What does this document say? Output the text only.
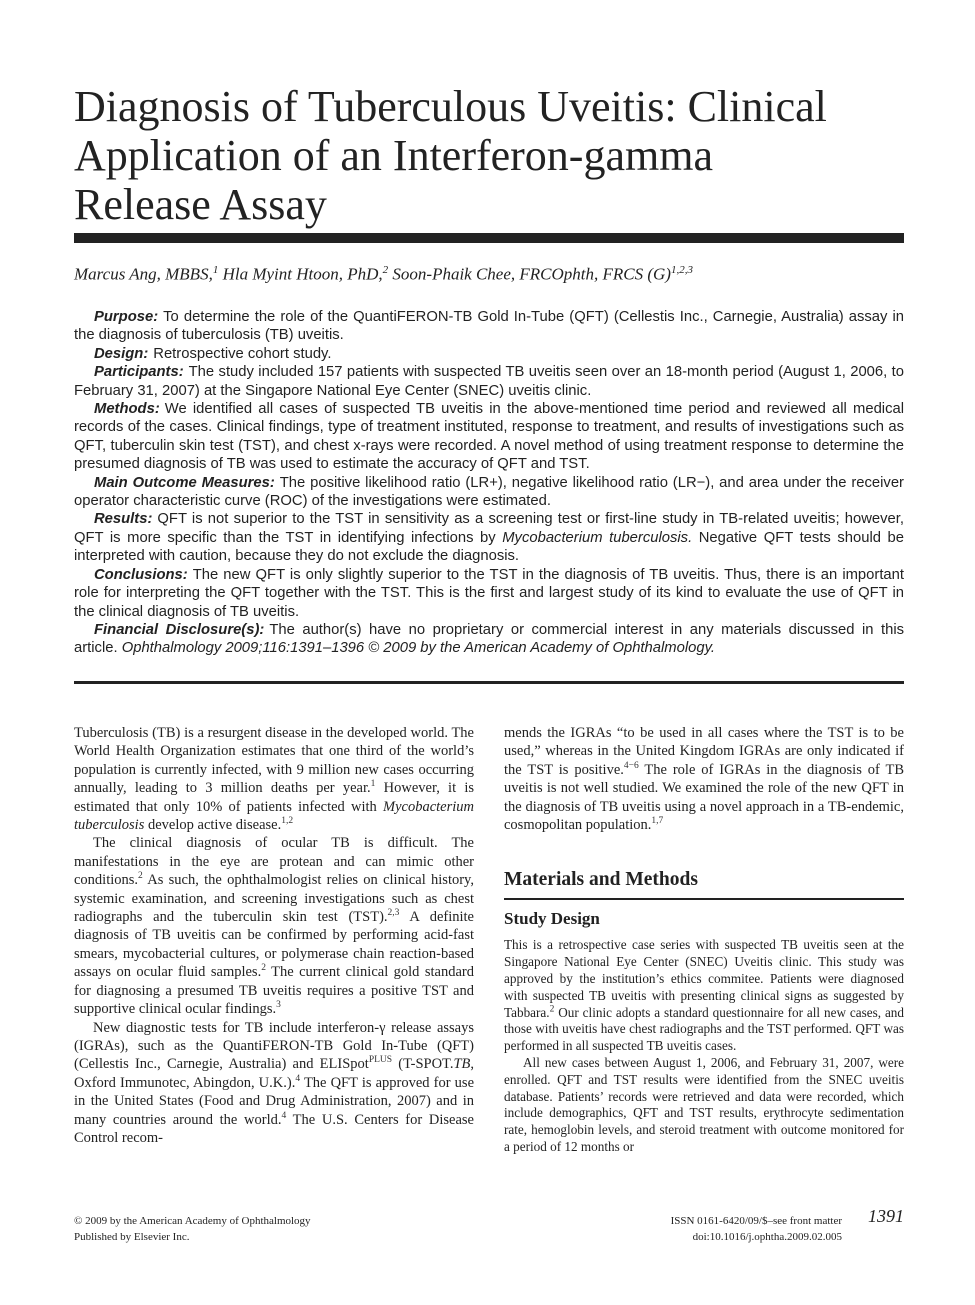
Diagnosis of Tuberculous Uveitis: Clinical
Application of an Interferon-gamma
Release Assay
Marcus Ang, MBBS,$^1$ Hla Myint Htoon, PhD,$^2$ Soon-Phaik Chee, FRCOphth, FRCS $(G)^{1,2,3}$

Purpose: To determine the role of the QuantiFERON-TB Gold In-Tube (QFT) (Cellestis Inc., Carnegie, Australia) assay in the diagnosis of tuberculosis (TB) uveitis.

Design: Retrospective cohort study.

Participants: The study included 157 patients with suspected TB uveitis seen over an 18-month period (August 1, 2006, to February 31, 2007) at the Singapore National Eye Center (SNEC) uveitis clinic.

Methods: We identified all cases of suspected TB uveitis in the above-mentioned time period and reviewed all medical records of the cases. Clinical findings, type of treatment instituted, response to treatment, and results of investigations such as QFT, tuberculin skin test (TST), and chest x-rays were recorded. A novel method of using treatment response to determine the presumed diagnosis of TB was used to estimate the accuracy of QFT and TST.

Main Outcome Measures: The positive likelihood ratio (LR+), negative likelihood ratio (LR−), and area under the receiver operator characteristic curve (ROC) of the investigations were estimated.

Results: QFT is not superior to the TST in sensitivity as a screening test or first-line study in TB-related uveitis; however, QFT is more specific than the TST in identifying infections by Mycobacterium tuberculosis. Negative QFT tests should be interpreted with caution, because they do not exclude the diagnosis.

Conclusions: The new QFT is only slightly superior to the TST in the diagnosis of TB uveitis. Thus, there is an important role for interpreting the QFT together with the TST. This is the first and largest study of its kind to evaluate the use of QFT in the clinical diagnosis of TB uveitis.

Financial Disclosure(s): The author(s) have no proprietary or commercial interest in any materials discussed in this article. Ophthalmology 2009;116:1391–1396 © 2009 by the American Academy of Ophthalmology.

Tuberculosis (TB) is a resurgent disease in the developed world. The World Health Organization estimates that one third of the world’s population is currently infected, with 9 million new cases occurring annually, leading to 3 million deaths per year.$^1$ However, it is estimated that only 10% of patients infected with Mycobacterium tuberculosis develop active disease.$^{1,2}$

The clinical diagnosis of ocular TB is difficult. The manifestations in the eye are protean and can mimic other conditions.$^2$ As such, the ophthalmologist relies on clinical history, systemic examination, and screening investigations such as chest radiographs and the tuberculin skin test (TST).$^{2,3}$ A definite diagnosis of TB uveitis can be confirmed by performing acid-fast smears, mycobacterial cultures, or polymerase chain reaction-based assays on ocular fluid samples.$^2$ The current clinical gold standard for diagnosing a presumed TB uveitis requires a positive TST and supportive clinical ocular findings.$^3$

New diagnostic tests for TB include interferon-γ release assays (IGRAs), such as the QuantiFERON-TB Gold In-Tube (QFT) (Cellestis Inc., Carnegie, Australia) and ELISpot$^{PLUS}$ (T-SPOT.TB, Oxford Immunotec, Abingdon, U.K.).$^4$ The QFT is approved for use in the United States (Food and Drug Administration, 2007) and in many countries around the world.$^4$ The U.S. Centers for Disease Control recom-

mends the IGRAs “to be used in all cases where the TST is to be used,” whereas in the United Kingdom IGRAs are only indicated if the TST is positive.$^{4-6}$ The role of IGRAs in the diagnosis of TB uveitis is not well studied. We examined the role of the new QFT in the diagnosis of TB uveitis using a novel approach in a TB-endemic, cosmopolitan population.$^{1,7}$

Materials and Methods
Study Design

This is a retrospective case series with suspected TB uveitis seen at the Singapore National Eye Center (SNEC) Uveitis clinic. This study was approved by the institution’s ethics commitee. Patients were diagnosed with suspected TB uveitis with presenting clinical signs as suggested by Tabbara.$^2$ Our clinic adopts a standard questionnaire for all new cases, and those with uveitis have chest radiographs and the TST performed. QFT was performed in all suspected TB uveitis cases.

All new cases between August 1, 2006, and February 31, 2007, were enrolled. QFT and TST results were identified from the SNEC uveitis database. Patients’ records were retrieved and data were recorded, which include demographics, QFT and TST results, erythrocyte sedimentation rate, hemoglobin levels, and steroid treatment with outcome monitored for a period of 12 months or

© 2009 by the American Academy of Ophthalmology
Published by Elsevier Inc.
ISSN 0161-6420/09/$–see front matter
doi:10.1016/j.ophtha.2009.02.005
1391
